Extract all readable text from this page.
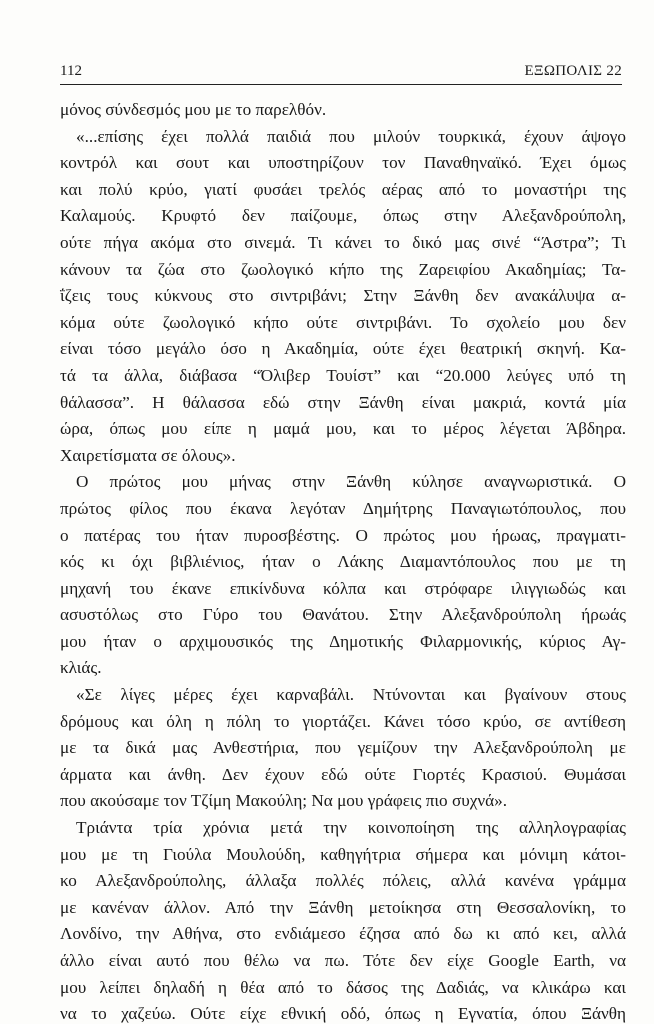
112	ΕΞΩΠΟΛΙΣ 22
μόνος σύνδεσμός μου με το παρελθόν.
«...επίσης έχει πολλά παιδιά που μιλούν τουρκικά, έχουν άψογο
κοντρόλ και σουτ και υποστηρίζουν τον Παναθηναϊκό. Έχει όμως
και πολύ κρύο, γιατί φυσάει τρελός αέρας από το μοναστήρι της
Καλαμούς. Κρυφτό δεν παίζουμε, όπως στην Αλεξανδρούπολη,
ούτε πήγα ακόμα στο σινεμά. Τι κάνει το δικό μας σινέ “Άστρα”; Τι
κάνουν τα ζώα στο ζωολογικό κήπο της Ζαρειφίου Ακαδημίας; Τα-
ΐζεις τους κύκνους στο σιντριβάνι; Στην Ξάνθη δεν ανακάλυψα α-
κόμα ούτε ζωολογικό κήπο ούτε σιντριβάνι. Το σχολείο μου δεν
είναι τόσο μεγάλο όσο η Ακαδημία, ούτε έχει θεατρική σκηνή. Κα-
τά τα άλλα, διάβασα “Όλιβερ Τουίστ” και “20.000 λεύγες υπό τη
θάλασσα”. Η θάλασσα εδώ στην Ξάνθη είναι μακριά, κοντά μία
ώρα, όπως μου είπε η μαμά μου, και το μέρος λέγεται Άβδηρα.
Χαιρετίσματα σε όλους».
Ο πρώτος μου μήνας στην Ξάνθη κύλησε αναγνωριστικά. Ο
πρώτος φίλος που έκανα λεγόταν Δημήτρης Παναγιωτόπουλος, που
ο πατέρας του ήταν πυροσβέστης. Ο πρώτος μου ήρωας, πραγματι-
κός κι όχι βιβλιένιος, ήταν ο Λάκης Διαμαντόπουλος που με τη
μηχανή του έκανε επικίνδυνα κόλπα και στρόφαρε ιλιγγιωδώς και
ασυστόλως στο Γύρο του Θανάτου. Στην Αλεξανδρούπολη ήρωάς
μου ήταν ο αρχιμουσικός της Δημοτικής Φιλαρμονικής, κύριος Αγ-
κλιάς.
«Σε λίγες μέρες έχει καρναβάλι. Ντύνονται και βγαίνουν στους
δρόμους και όλη η πόλη το γιορτάζει. Κάνει τόσο κρύο, σε αντίθεση
με τα δικά μας Ανθεστήρια, που γεμίζουν την Αλεξανδρούπολη με
άρματα και άνθη. Δεν έχουν εδώ ούτε Γιορτές Κρασιού. Θυμάσαι
που ακούσαμε τον Τζίμη Μακούλη; Να μου γράφεις πιο συχνά».
Τριάντα τρία χρόνια μετά την κοινοποίηση της αλληλογραφίας
μου με τη Γιούλα Μουλούδη, καθηγήτρια σήμερα και μόνιμη κάτοι-
κο Αλεξανδρούπολης, άλλαξα πολλές πόλεις, αλλά κανένα γράμμα
με κανέναν άλλον. Από την Ξάνθη μετοίκησα στη Θεσσαλονίκη, το
Λονδίνο, την Αθήνα, στο ενδιάμεσο έζησα από δω κι από κει, αλλά
άλλο είναι αυτό που θέλω να πω. Τότε δεν είχε Google Earth, να
μου λείπει δηλαδή η θέα από το δάσος της Δαδιάς, να κλικάρω και
να το χαζεύω. Ούτε είχε εθνική οδό, όπως η Εγνατία, όπου Ξάνθη
